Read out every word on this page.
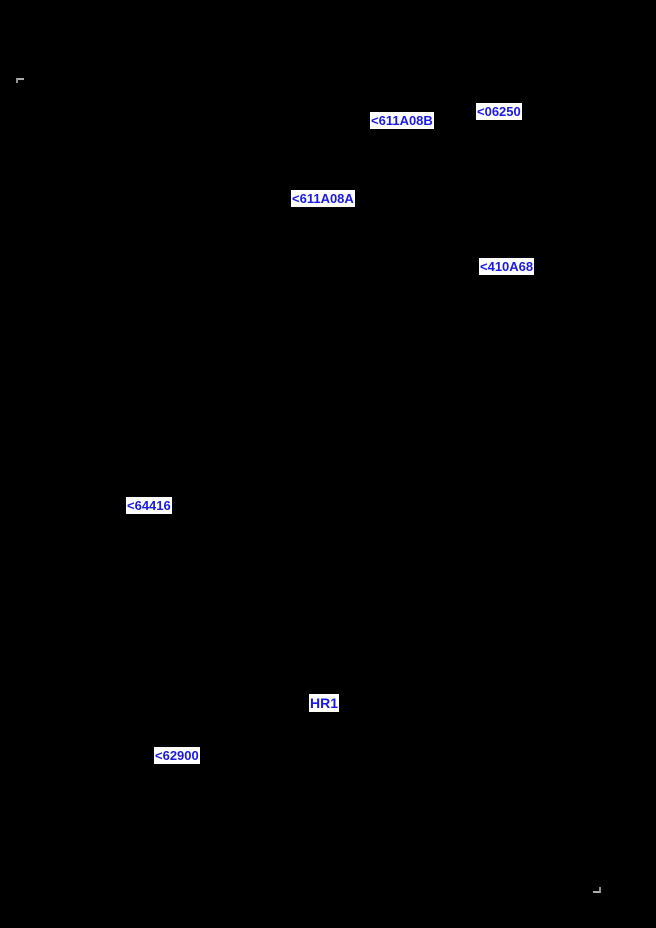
<611A08B
<06250
<611A08A
<410A68
<64416
HR1
<62900
